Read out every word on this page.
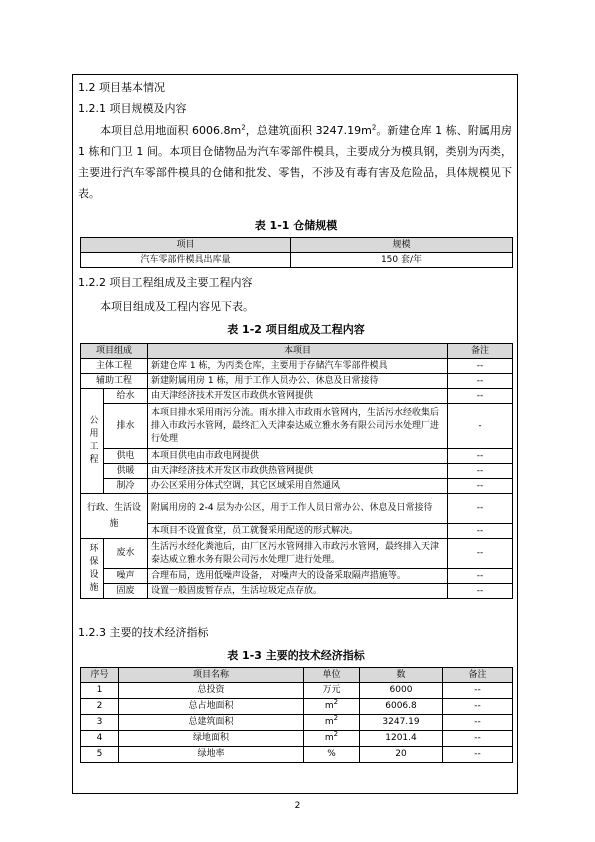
1.2 项目基本情况
1.2.1 项目规模及内容
本项目总用地面积 $6006.8m^2$，总建筑面积 $3247.19m^2$。新建仓库 1 栋、附属用房 1 栋和门卫 1 间。本项目仓储物品为汽车零部件模具，主要成分为模具钢，类别为丙类，主要进行汽车零部件模具的仓储和批发、零售，不涉及有毒有害及危险品，具体规模见下表。
表 1-1 仓储规模
项目	规模
汽车零部件模具出库量	150 套/年
1.2.2 项目工程组成及主要工程内容
本项目组成及工程内容见下表。
表 1-2 项目组成及工程内容
项目组成		本项目	备注
主体工程		新建仓库 1 栋，为丙类仓库，主要用于存储汽车零部件模具	--
辅助工程		新建附属用房 1 栋，用于工作人员办公、休息及日常接待	--
公用工程	给水	由天津经济技术开发区市政供水管网提供	--
	排水	本项目排水采用雨污分流。雨水排入市政雨水管网内，生活污水经收集后排入市政污水管网，最终汇入天津泰达威立雅水务有限公司污水处理厂进行处理	-
	供电	本项目供电由市政电网提供	--
	供暖	由天津经济技术开发区市政供热管网提供	--
	制冷	办公区采用分体式空调，其它区域采用自然通风	--

行政、生活设施		附属用房的 2-4 层为办公区，用于工作人员日常办公、休息及日常接待	--
		本项目不设置食堂，员工就餐采用配送的形式解决。	--
环保设施	废水	生活污水经化粪池后，由厂区污水管网排入市政污水管网，最终排入天津泰达威立雅水务有限公司污水处理厂进行处理。	--
	噪声	合理布局，选用低噪声设备， 对噪声大的设备采取隔声措施等。	--
	固废	设置一般固废暂存点，生活垃圾定点存放。	--
1.2.3 主要的技术经济指标
表 1-3 主要的技术经济指标
序号	项目名称	单位	数	备注
1	总投资	万元	6000	--
2	总占地面积	$m^2$	6006.8	--
3	总建筑面积	$m^2$	3247.19	--
4	绿地面积	$m^2$	1201.4	--
5	绿地率	%	20	--
2
